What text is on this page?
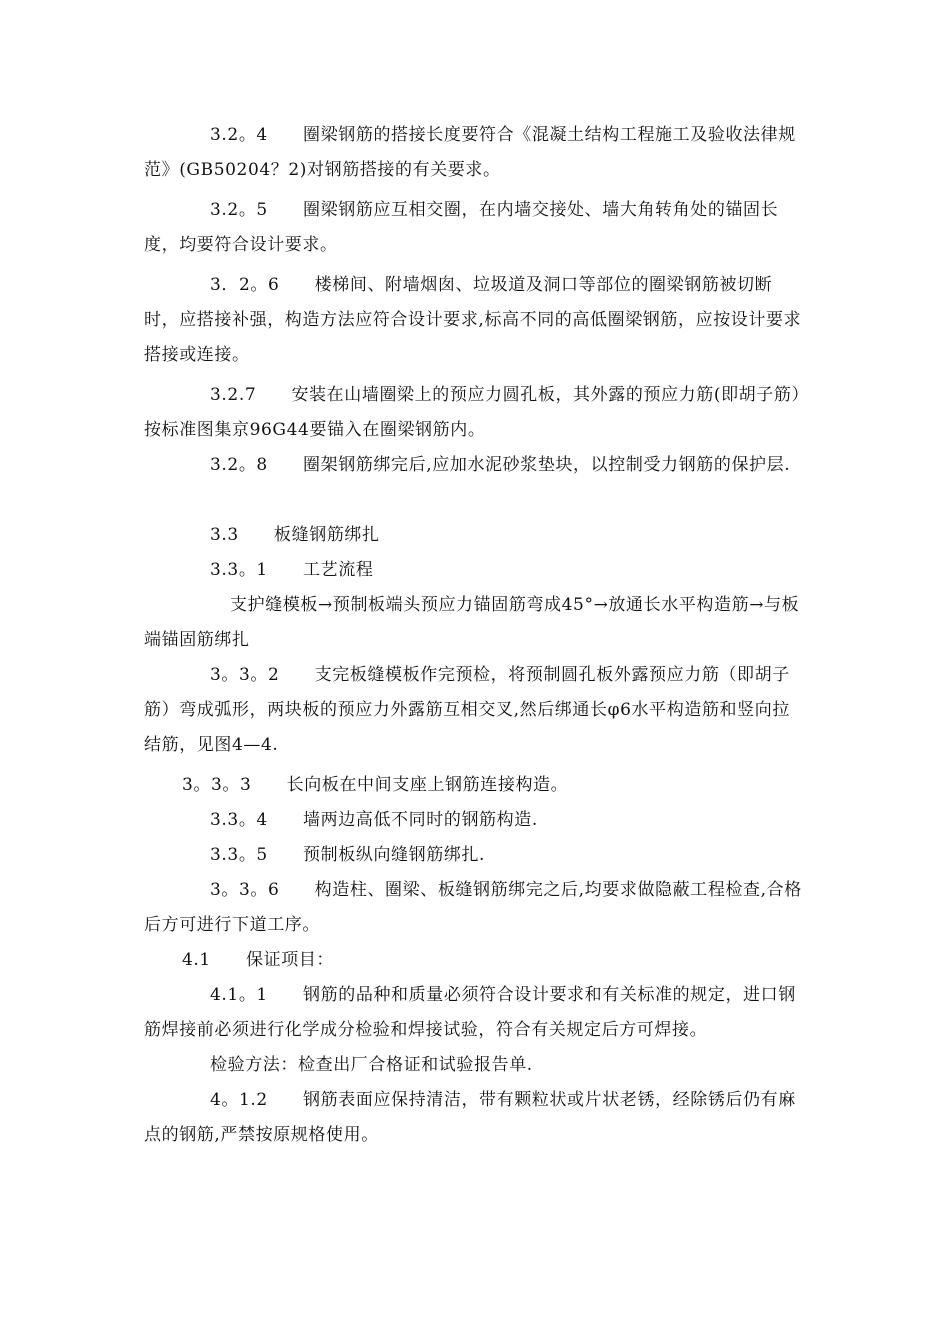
3.2。4　　圈梁钢筋的搭接长度要符合《混凝土结构工程施工及验收法律规范》(GB50204？2)对钢筋搭接的有关要求。
3.2。5　　圈梁钢筋应互相交圈，在内墙交接处、墙大角转角处的锚固长度，均要符合设计要求。
3．2。6　　楼梯间、附墙烟囱、垃圾道及洞口等部位的圈梁钢筋被切断时，应搭接补强，构造方法应符合设计要求,标高不同的高低圈梁钢筋，应按设计要求搭接或连接。
3.2.7　　安装在山墙圈梁上的预应力圆孔板，其外露的预应力筋(即胡子筋）按标准图集京96G44要锚入在圈梁钢筋内。
3.2。8　　圈架钢筋绑完后,应加水泥砂浆垫块，以控制受力钢筋的保护层.
3.3　　板缝钢筋绑扎
3.3。1　　工艺流程
支护缝模板→预制板端头预应力锚固筋弯成45°→放通长水平构造筋→与板端锚固筋绑扎
3。3。2　　支完板缝模板作完预检，将预制圆孔板外露预应力筋（即胡子筋）弯成弧形，两块板的预应力外露筋互相交叉,然后绑通长φ6水平构造筋和竖向拉结筋，见图4—4.
3。3。3　　长向板在中间支座上钢筋连接构造。
3.3。4　　墙两边高低不同时的钢筋构造.
3.3。5　　预制板纵向缝钢筋绑扎.
3。3。6　　构造柱、圈梁、板缝钢筋绑完之后,均要求做隐蔽工程检查,合格后方可进行下道工序。
4.1　　保证项目：
4.1。1　　钢筋的品种和质量必须符合设计要求和有关标准的规定，进口钢筋焊接前必须进行化学成分检验和焊接试验，符合有关规定后方可焊接。
检验方法：检查出厂合格证和试验报告单.
4。1.2　　钢筋表面应保持清洁，带有颗粒状或片状老锈，经除锈后仍有麻点的钢筋,严禁按原规格使用。
